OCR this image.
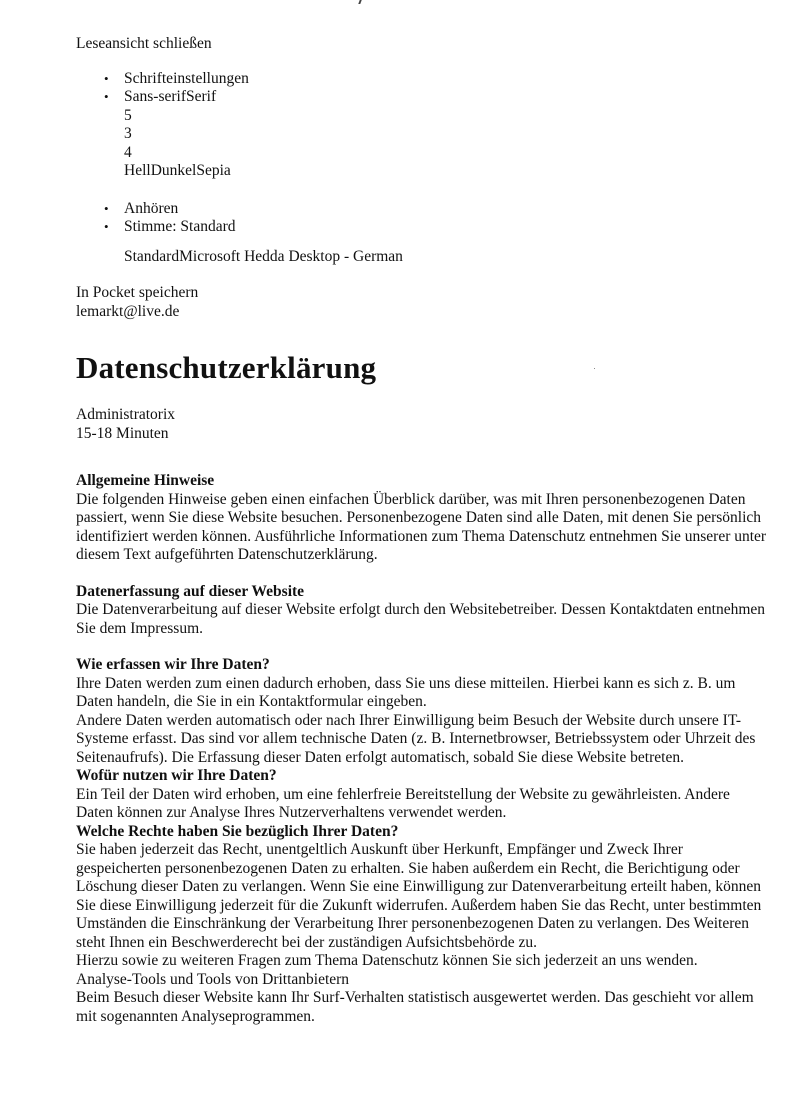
Leseansicht schließen
• Schrifteinstellungen
• Sans-serifSerif
5
3
4
HellDunkelSepia
• Anhören
• Stimme: Standard
StandardMicrosoft Hedda Desktop - German
In Pocket speichern
lemarkt@live.de
Datenschutzerklärung
Administratorix
15-18 Minuten
Allgemeine Hinweise

Die folgenden Hinweise geben einen einfachen Überblick darüber, was mit Ihren personenbezogenen Daten passiert, wenn Sie diese Website besuchen. Personenbezogene Daten sind alle Daten, mit denen Sie persönlich identifiziert werden können. Ausführliche Informationen zum Thema Datenschutz entnehmen Sie unserer unter diesem Text aufgeführten Datenschutzerklärung.

Datenerfassung auf dieser Website

Die Datenverarbeitung auf dieser Website erfolgt durch den Websitebetreiber. Dessen Kontaktdaten entnehmen Sie dem Impressum.

Wie erfassen wir Ihre Daten?

Ihre Daten werden zum einen dadurch erhoben, dass Sie uns diese mitteilen. Hierbei kann es sich z. B. um Daten handeln, die Sie in ein Kontaktformular eingeben.

Andere Daten werden automatisch oder nach Ihrer Einwilligung beim Besuch der Website durch unsere IT-Systeme erfasst. Das sind vor allem technische Daten (z. B. Internetbrowser, Betriebssystem oder Uhrzeit des Seitenaufrufs). Die Erfassung dieser Daten erfolgt automatisch, sobald Sie diese Website betreten.

Wofür nutzen wir Ihre Daten?

Ein Teil der Daten wird erhoben, um eine fehlerfreie Bereitstellung der Website zu gewährleisten. Andere Daten können zur Analyse Ihres Nutzerverhaltens verwendet werden.

Welche Rechte haben Sie bezüglich Ihrer Daten?

Sie haben jederzeit das Recht, unentgeltlich Auskunft über Herkunft, Empfänger und Zweck Ihrer gespeicherten personenbezogenen Daten zu erhalten. Sie haben außerdem ein Recht, die Berichtigung oder Löschung dieser Daten zu verlangen. Wenn Sie eine Einwilligung zur Datenverarbeitung erteilt haben, können Sie diese Einwilligung jederzeit für die Zukunft widerrufen. Außerdem haben Sie das Recht, unter bestimmten Umständen die Einschränkung der Verarbeitung Ihrer personenbezogenen Daten zu verlangen. Des Weiteren steht Ihnen ein Beschwerderecht bei der zuständigen Aufsichtsbehörde zu.

Hierzu sowie zu weiteren Fragen zum Thema Datenschutz können Sie sich jederzeit an uns wenden.

Analyse-Tools und Tools von Drittanbietern

Beim Besuch dieser Website kann Ihr Surf-Verhalten statistisch ausgewertet werden. Das geschieht vor allem mit sogenannten Analyseprogrammen.
